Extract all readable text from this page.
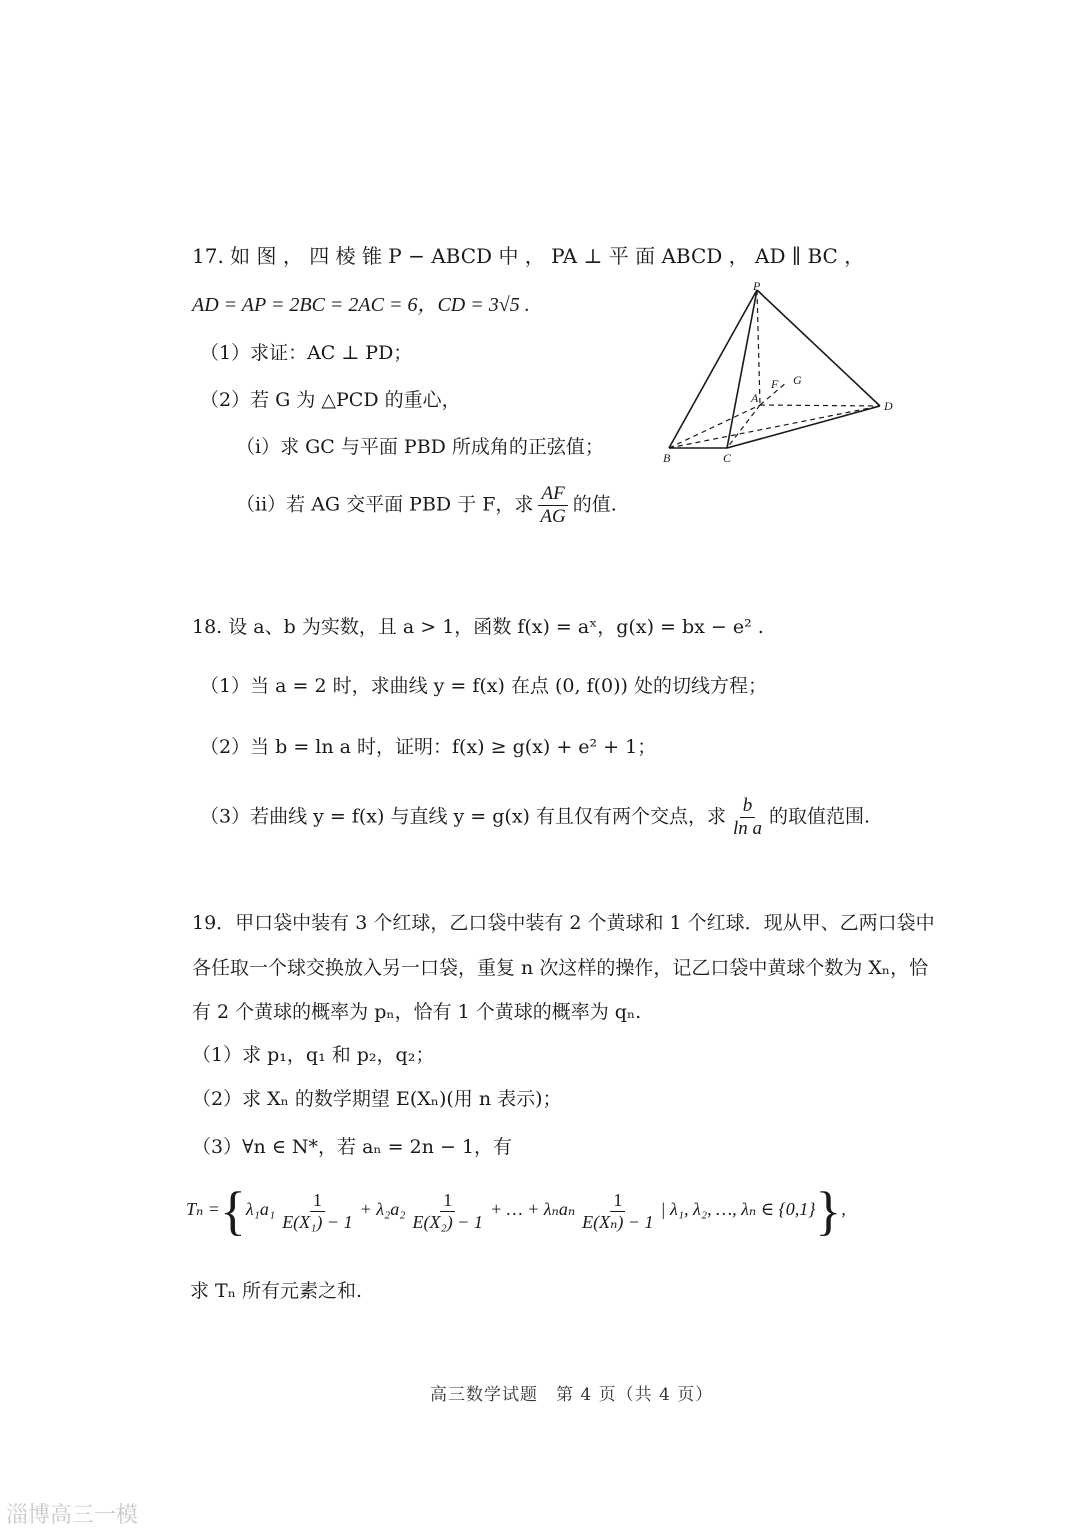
17. 如 图 ， 四 棱 锥 P − ABCD 中 ， PA ⊥ 平 面 ABCD ， AD ∥ BC ，
AD = AP = 2BC = 2AC = 6，CD = 3√5 .
（1）求证：AC ⊥ PD；
（2）若 G 为 △PCD 的重心，
（i）求 GC 与平面 PBD 所成角的正弦值；
（ii）若 AG 交平面 PBD 于 F，求 $\frac{AF}{AG}$ 的值.
P
A
F G
B	C
D
18. 设 a、b 为实数，且 a > 1，函数 f(x) = aˣ，g(x) = bx − e² .
（1）当 a = 2 时，求曲线 y = f(x) 在点 (0, f(0)) 处的切线方程；
（2）当 b = ln a 时，证明：f(x) ≥ g(x) + e² + 1；
（3）若曲线 y = f(x) 与直线 y = g(x) 有且仅有两个交点，求 $\frac{b}{\text{ln a}}$ 的取值范围.
19．甲口袋中装有 3 个红球，乙口袋中装有 2 个黄球和 1 个红球．现从甲、乙两口袋中
各任取一个球交换放入另一口袋，重复 n 次这样的操作，记乙口袋中黄球个数为 Xₙ，恰
有 2 个黄球的概率为 pₙ，恰有 1 个黄球的概率为 qₙ.
（1）求 p₁，q₁ 和 p₂，q₂；
（2）求 Xₙ 的数学期望 E(Xₙ)(用 n 表示)；
（3）∀n ∈ N*，若 aₙ = 2n − 1，有
$T_n =\{\lambda_1a_1 \frac{1}{\text{E(X₁) − 1}} + \lambda_2a_2 \frac{1}{\text{E(X₂) − 1}}$ + … + λₙaₙ $\frac{1}{\text{E(Xₙ) − 1}}$ | λ₁, λ₂, …, λₙ ∈ {0,1}},
求 Tₙ 所有元素之和.
高三数学试题　第 4 页（共 4 页）
淄博高三一模
